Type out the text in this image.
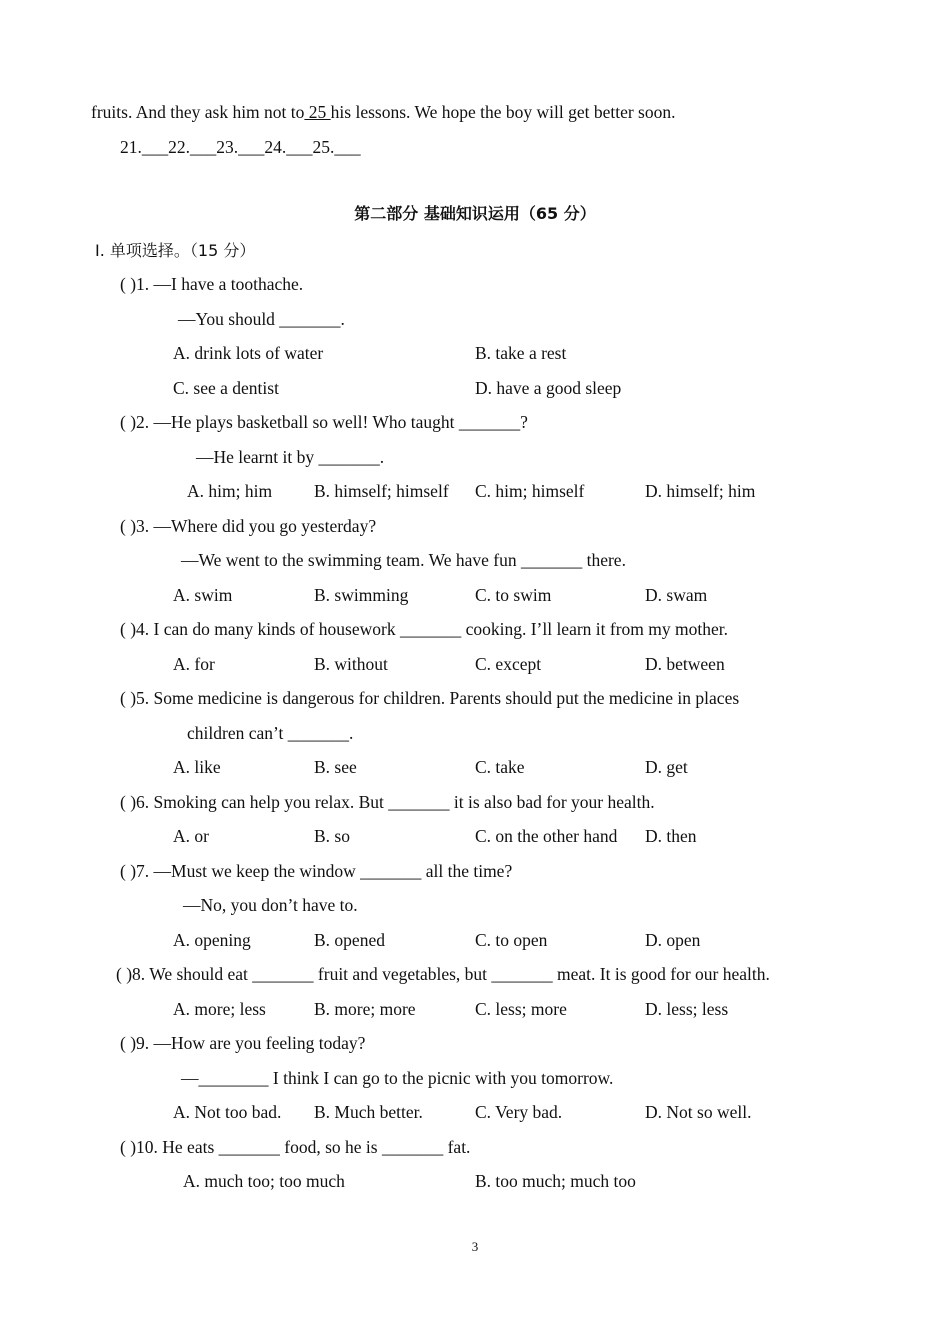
fruits. And they ask him not to 25 his lessons. We hope the boy will get better soon.
21.___22.___23.___24.___25.___
第二部分 基础知识运用（65 分）
Ⅰ. 单项选择。（15 分）
( )1. —I have a toothache.
—You should _______.
A. drink lots of water	B. take a rest
C. see a dentist	D. have a good sleep
( )2. —He plays basketball so well! Who taught _______?
—He learnt it by _______.
A. him; him B. himself; himself C. him; himself	D. himself; him
( )3. —Where did you go yesterday?
—We went to the swimming team. We have fun _______ there.
A. swim	B. swimming	C. to swim	D. swam
( )4. I can do many kinds of housework _______ cooking. I’ll learn it from my mother.
A. for	B. without	C. except	D. between
( )5. Some medicine is dangerous for children. Parents should put the medicine in places
children can’t _______.
A. like	B. see	C. take	D. get
( )6. Smoking can help you relax. But _______ it is also bad for your health.
A. or	B. so	C. on the other hand D. then
( )7. —Must we keep the window _______ all the time?
—No, you don’t have to.
A. opening	B. opened	C. to open	D. open
( )8. We should eat _______ fruit and vegetables, but _______ meat. It is good for our health.
A. more; less	B. more; more	C. less; more	D. less; less
( )9. —How are you feeling today?
—________ I think I can go to the picnic with you tomorrow.
A. Not too bad. B. Much better.	C. Very bad.	D. Not so well.
( )10. He eats _______ food, so he is _______ fat.
A. much too; too much	B. too much; much too
3
